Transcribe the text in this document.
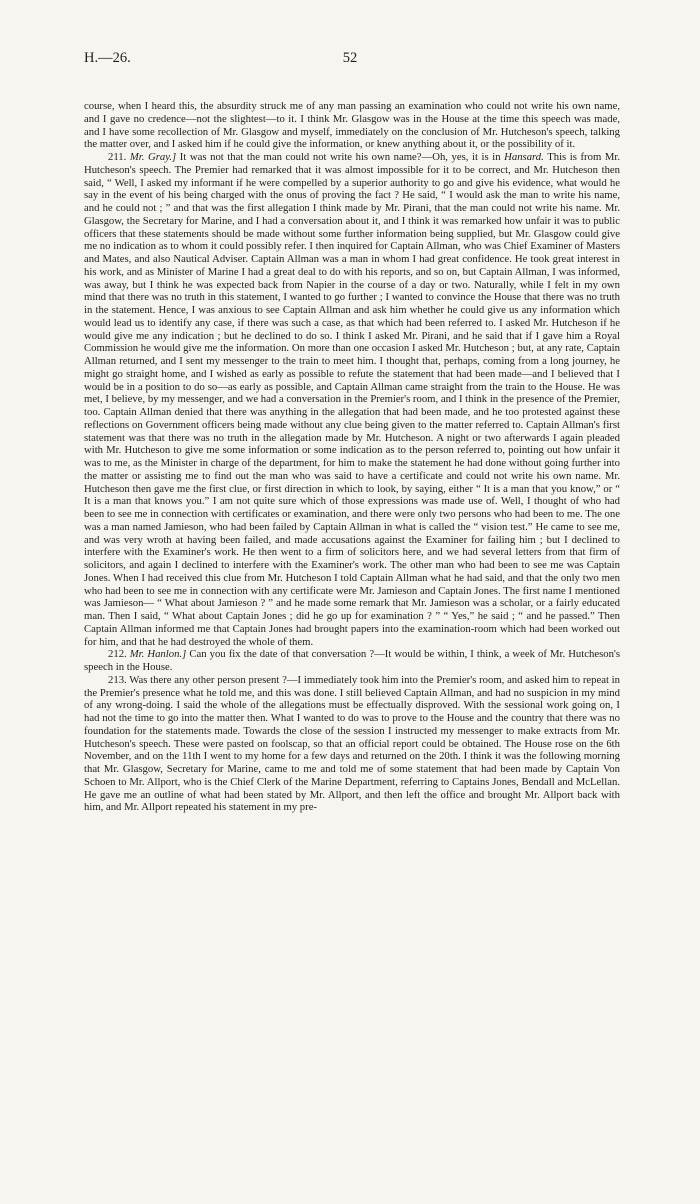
H.—26.	52

course, when I heard this, the absurdity struck me of any man passing an examination who could not write his own name, and I gave no credence—not the slightest—to it. I think Mr. Glasgow was in the House at the time this speech was made, and I have some recollection of Mr. Glasgow and myself, immediately on the conclusion of Mr. Hutcheson's speech, talking the matter over, and I asked him if he could give the information, or knew anything about it, or the possibility of it.

211. Mr. Gray.] It was not that the man could not write his own name?—Oh, yes, it is in Hansard. This is from Mr. Hutcheson's speech. The Premier had remarked that it was almost impossible for it to be correct, and Mr. Hutcheson then said, “ Well, I asked my informant if he were compelled by a superior authority to go and give his evidence, what would he say in the event of his being charged with the onus of proving the fact ? He said, “ I would ask the man to write his name, and he could not ; ” and that was the first allegation I think made by Mr. Pirani, that the man could not write his name. Mr. Glasgow, the Secretary for Marine, and I had a conversation about it, and I think it was remarked how unfair it was to public officers that these statements should be made without some further information being supplied, but Mr. Glasgow could give me no indication as to whom it could possibly refer. I then inquired for Captain Allman, who was Chief Examiner of Masters and Mates, and also Nautical Adviser. Captain Allman was a man in whom I had great confidence. He took great interest in his work, and as Minister of Marine I had a great deal to do with his reports, and so on, but Captain Allman, I was informed, was away, but I think he was expected back from Napier in the course of a day or two. Naturally, while I felt in my own mind that there was no truth in this statement, I wanted to go further ; I wanted to convince the House that there was no truth in the statement. Hence, I was anxious to see Captain Allman and ask him whether he could give us any information which would lead us to identify any case, if there was such a case, as that which had been referred to. I asked Mr. Hutcheson if he would give me any indication ; but he declined to do so. I think I asked Mr. Pirani, and he said that if I gave him a Royal Commission he would give me the information. On more than one occasion I asked Mr. Hutcheson ; but, at any rate, Captain Allman returned, and I sent my messenger to the train to meet him. I thought that, perhaps, coming from a long journey, he might go straight home, and I wished as early as possible to refute the statement that had been made—and I believed that I would be in a position to do so—as early as possible, and Captain Allman came straight from the train to the House. He was met, I believe, by my messenger, and we had a conversation in the Premier's room, and I think in the presence of the Premier, too. Captain Allman denied that there was anything in the allegation that had been made, and he too protested against these reflections on Government officers being made without any clue being given to the matter referred to. Captain Allman's first statement was that there was no truth in the allegation made by Mr. Hutcheson. A night or two afterwards I again pleaded with Mr. Hutcheson to give me some information or some indication as to the person referred to, pointing out how unfair it was to me, as the Minister in charge of the department, for him to make the statement he had done without going further into the matter or assisting me to find out the man who was said to have a certificate and could not write his own name. Mr. Hutcheson then gave me the first clue, or first direction in which to look, by saying, either “ It is a man that you know,” or “ It is a man that knows you.” I am not quite sure which of those expressions was made use of. Well, I thought of who had been to see me in connection with certificates or examination, and there were only two persons who had been to me. The one was a man named Jamieson, who had been failed by Captain Allman in what is called the “ vision test.” He came to see me, and was very wroth at having been failed, and made accusations against the Examiner for failing him ; but I declined to interfere with the Examiner's work. He then went to a firm of solicitors here, and we had several letters from that firm of solicitors, and again I declined to interfere with the Examiner's work. The other man who had been to see me was Captain Jones. When I had received this clue from Mr. Hutcheson I told Captain Allman what he had said, and that the only two men who had been to see me in connection with any certificate were Mr. Jamieson and Captain Jones. The first name I mentioned was Jamieson— “ What about Jamieson ? ” and he made some remark that Mr. Jamieson was a scholar, or a fairly educated man. Then I said, “ What about Captain Jones ; did he go up for examination ? ” “ Yes,” he said ; “ and he passed.” Then Captain Allman informed me that Captain Jones had brought papers into the examination-room which had been worked out for him, and that he had destroyed the whole of them.

212. Mr. Hanlon.] Can you fix the date of that conversation ?—It would be within, I think, a week of Mr. Hutcheson's speech in the House.

213. Was there any other person present ?—I immediately took him into the Premier's room, and asked him to repeat in the Premier's presence what he told me, and this was done. I still believed Captain Allman, and had no suspicion in my mind of any wrong-doing. I said the whole of the allegations must be effectually disproved. With the sessional work going on, I had not the time to go into the matter then. What I wanted to do was to prove to the House and the country that there was no foundation for the statements made. Towards the close of the session I instructed my messenger to make extracts from Mr. Hutcheson's speech. These were pasted on foolscap, so that an official report could be obtained. The House rose on the 6th November, and on the 11th I went to my home for a few days and returned on the 20th. I think it was the following morning that Mr. Glasgow, Secretary for Marine, came to me and told me of some statement that had been made by Captain Von Schoen to Mr. Allport, who is the Chief Clerk of the Marine Department, referring to Captains Jones, Bendall and McLellan. He gave me an outline of what had been stated by Mr. Allport, and then left the office and brought Mr. Allport back with him, and Mr. Allport repeated his statement in my pre-
